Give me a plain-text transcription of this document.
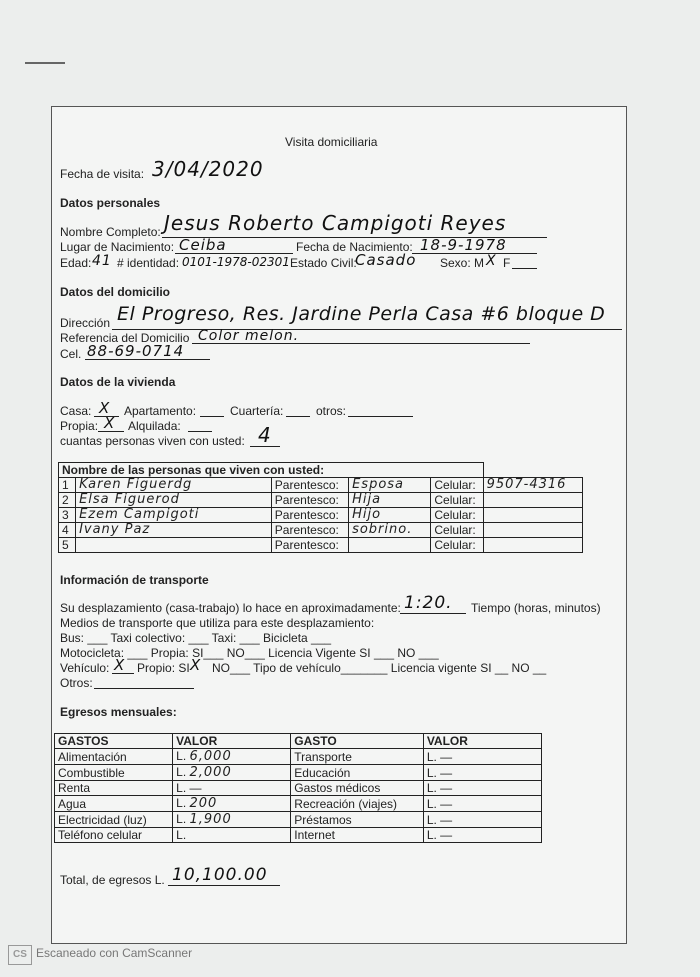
Visita domiciliaria
Fecha de visita: 3/04/2020
Datos personales
Nombre Completo: Jesus Roberto Campigoti Reyes
Lugar de Nacimiento: Ceiba	Fecha de Nacimiento: 18-9-1978
Edad: 41 # identidad: 0101-1978-02301 Estado Civil:
Casado Sexo: M X F
Datos del domicilio
Dirección El Progreso, Res. Jardine Perla Casa #6 bloque D
Referencia del Domicilio Color melon.
Cel. 88-69-0714
Datos de la vivienda
Casa: X Apartamento:	Cuartería:	otros:
Propia: X Alquilada:
cuantas personas viven con usted: 4
Nombre de las personas que viven con usted:					
1	Karen Figuerdg	Parentesco:	Esposa	Celular:	9507-4316
2	Elsa Figuerod	Parentesco:	Hija	Celular:	
3	Ezem Campigoti	Parentesco:	Hijo	Celular:	
4	Ivany Paz	Parentesco:	sobrino.	Celular:	
5		Parentesco:		Celular:	
Información de transporte
Su desplazamiento (casa-trabajo) lo hace en aproximadamente: 1:20. Tiempo (horas, minutos)
Medios de transporte que utiliza para este desplazamiento:
Bus: ___ Taxi colectivo: ___ Taxi: ___ Bicicleta ___
Motocicleta: ___ Propia: SI___ NO___ Licencia Vigente SI ___ NO ___
Vehículo: X Propio: SI X NO___ Tipo de vehículo_______ Licencia vigente SI __ NO __
Otros:
Egresos mensuales:
GASTOS	VALOR	GASTO	VALOR
Alimentación	L. 6,000	Transporte	L. —
Combustible	L. 2,000	Educación	L. —
Renta	L. —	Gastos médicos	L. —
Agua	L. 200	Recreación (viajes)	L. —
Electricidad (luz)	L. 1,900	Préstamos	L. —
Teléfono celular	L.	Internet	L. —
Total, de egresos L. 10,100.00
CS Escaneado con CamScanner
